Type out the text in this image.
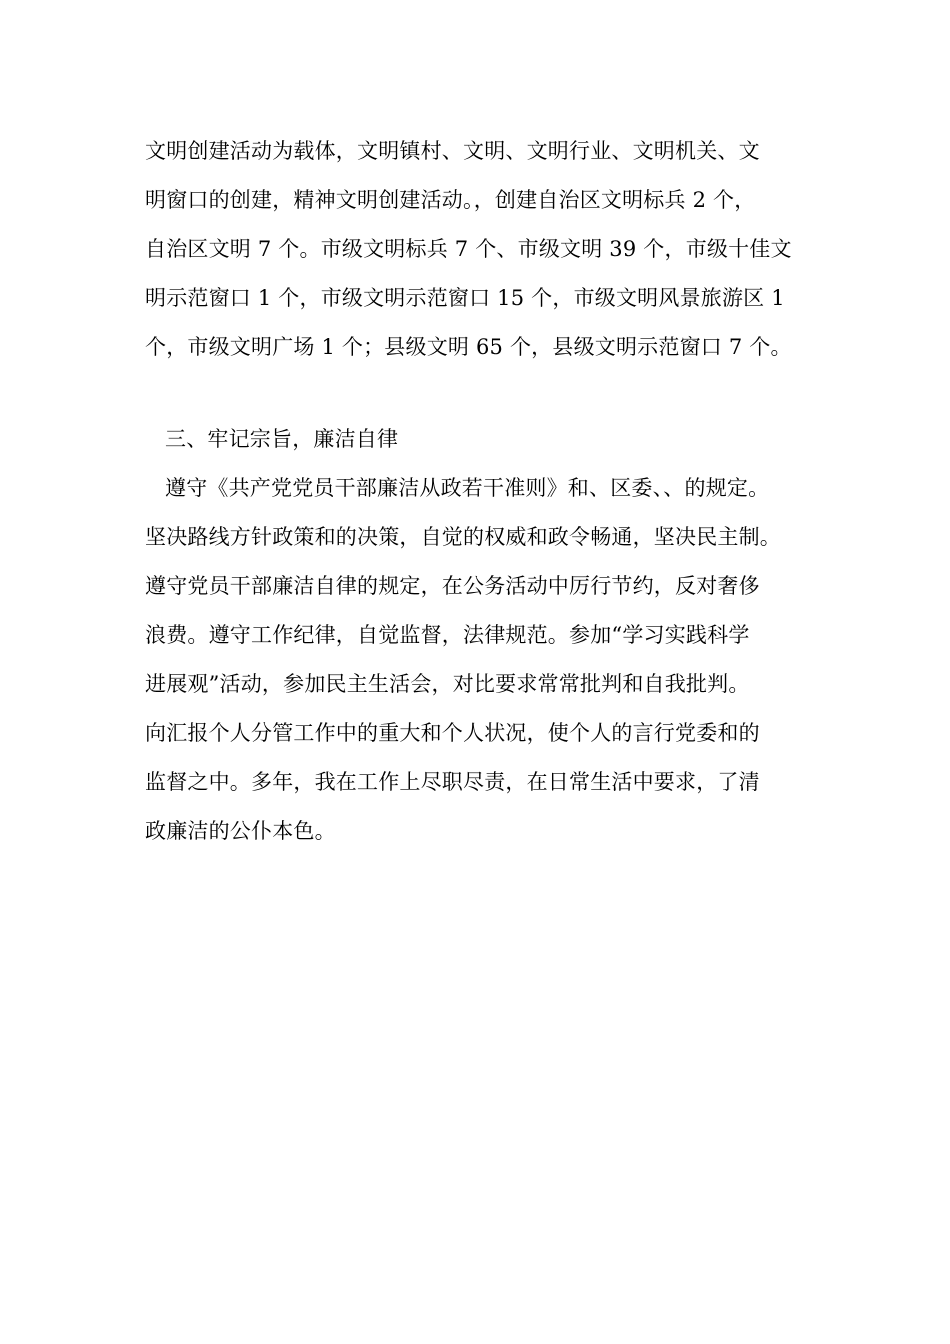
文明创建活动为载体，文明镇村、文明、文明行业、文明机关、文
明窗口的创建，精神文明创建活动。，创建自治区文明标兵 2 个，
自治区文明 7 个。市级文明标兵 7 个、市级文明 39 个，市级十佳文
明示范窗口 1 个，市级文明示范窗口 15 个，市级文明风景旅游区 1
个，市级文明广场 1 个；县级文明 65 个，县级文明示范窗口 7 个。
三、牢记宗旨，廉洁自律
遵守《共产党党员干部廉洁从政若干准则》和、区委、、的规定。
坚决路线方针政策和的决策，自觉的权威和政令畅通，坚决民主制。
遵守党员干部廉洁自律的规定，在公务活动中厉行节约，反对奢侈
浪费。遵守工作纪律，自觉监督，法律规范。参加“学习实践科学
进展观”活动，参加民主生活会，对比要求常常批判和自我批判。
向汇报个人分管工作中的重大和个人状况，使个人的言行党委和的
监督之中。多年，我在工作上尽职尽责，在日常生活中要求，了清
政廉洁的公仆本色。
